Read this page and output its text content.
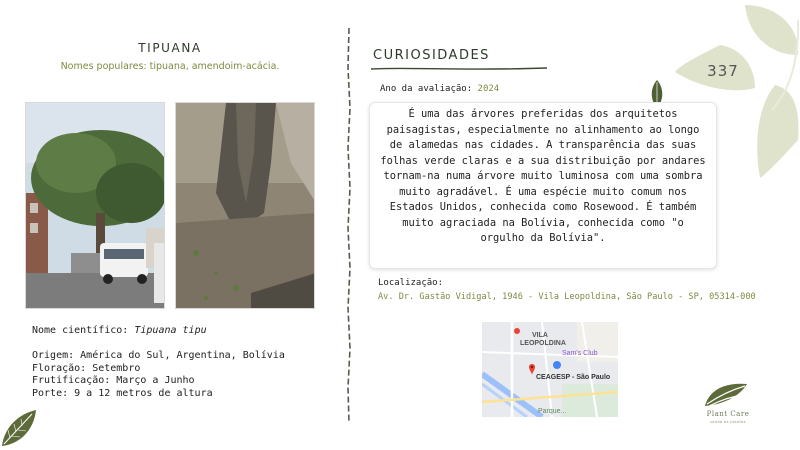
337
TIPUANA
Nomes populares: tipuana, amendoim-acácia.
Nome científico: Tipuana tipu
Origem: América do Sul, Argentina, Bolívia
Floração: Setembro
Frutificação: Março a Junho
Porte: 9 a 12 metros de altura
CURIOSIDADES
Ano da avaliação: 2024

É uma das árvores preferidas dos arquitetos paisagistas, especialmente no alinhamento ao longo de alamedas nas cidades. A transparência das suas folhas verde claras e a sua distribuição por andares tornam-na numa árvore muito luminosa com uma sombra muito agradável. É uma espécie muito comum nos Estados Unidos, conhecida como Rosewood. É também muito agraciada na Bolívia, conhecida como "o orgulho da Bolívia".

Localização:
Av. Dr. Gastão Vidigal, 1946 - Vila Leopoldina, São Paulo - SP, 05314-000
VILA
LEOPOLDINA
Sam's Club
CEAGESP - São Paulo
Parque...	Plant Care
saúde às plantas
